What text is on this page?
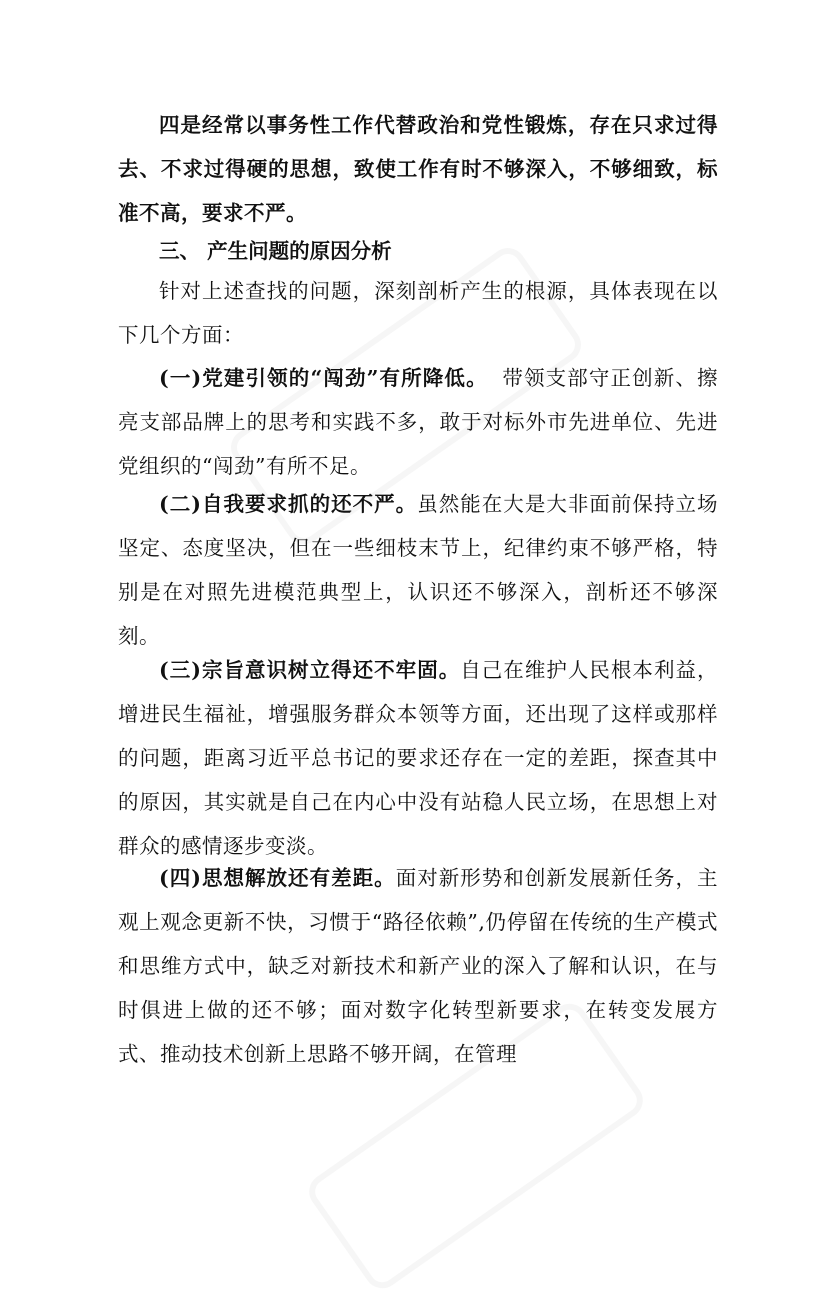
四是经常以事务性工作代替政治和党性锻炼，存在只求过得去、不求过得硬的思想，致使工作有时不够深入，不够细致，标准不高，要求不严。

三、 产生问题的原因分析

针对上述查找的问题，深刻剖析产生的根源，具体表现在以下几个方面：

(一)党建引领的“闯劲”有所降低。 带领支部守正创新、擦亮支部品牌上的思考和实践不多，敢于对标外市先进单位、先进党组织的“闯劲”有所不足。

(二)自我要求抓的还不严。虽然能在大是大非面前保持立场坚定、态度坚决，但在一些细枝末节上，纪律约束不够严格，特别是在对照先进模范典型上，认识还不够深入，剖析还不够深刻。

(三)宗旨意识树立得还不牢固。自己在维护人民根本利益，增进民生福祉，增强服务群众本领等方面，还出现了这样或那样的问题，距离习近平总书记的要求还存在一定的差距，探查其中的原因，其实就是自己在内心中没有站稳人民立场，在思想上对群众的感情逐步变淡。

(四)思想解放还有差距。面对新形势和创新发展新任务，主观上观念更新不快，习惯于“路径依赖”,仍停留在传统的生产模式和思维方式中，缺乏对新技术和新产业的深入了解和认识，在与时俱进上做的还不够；面对数字化转型新要求，在转变发展方式、推动技术创新上思路不够开阔，在管理
